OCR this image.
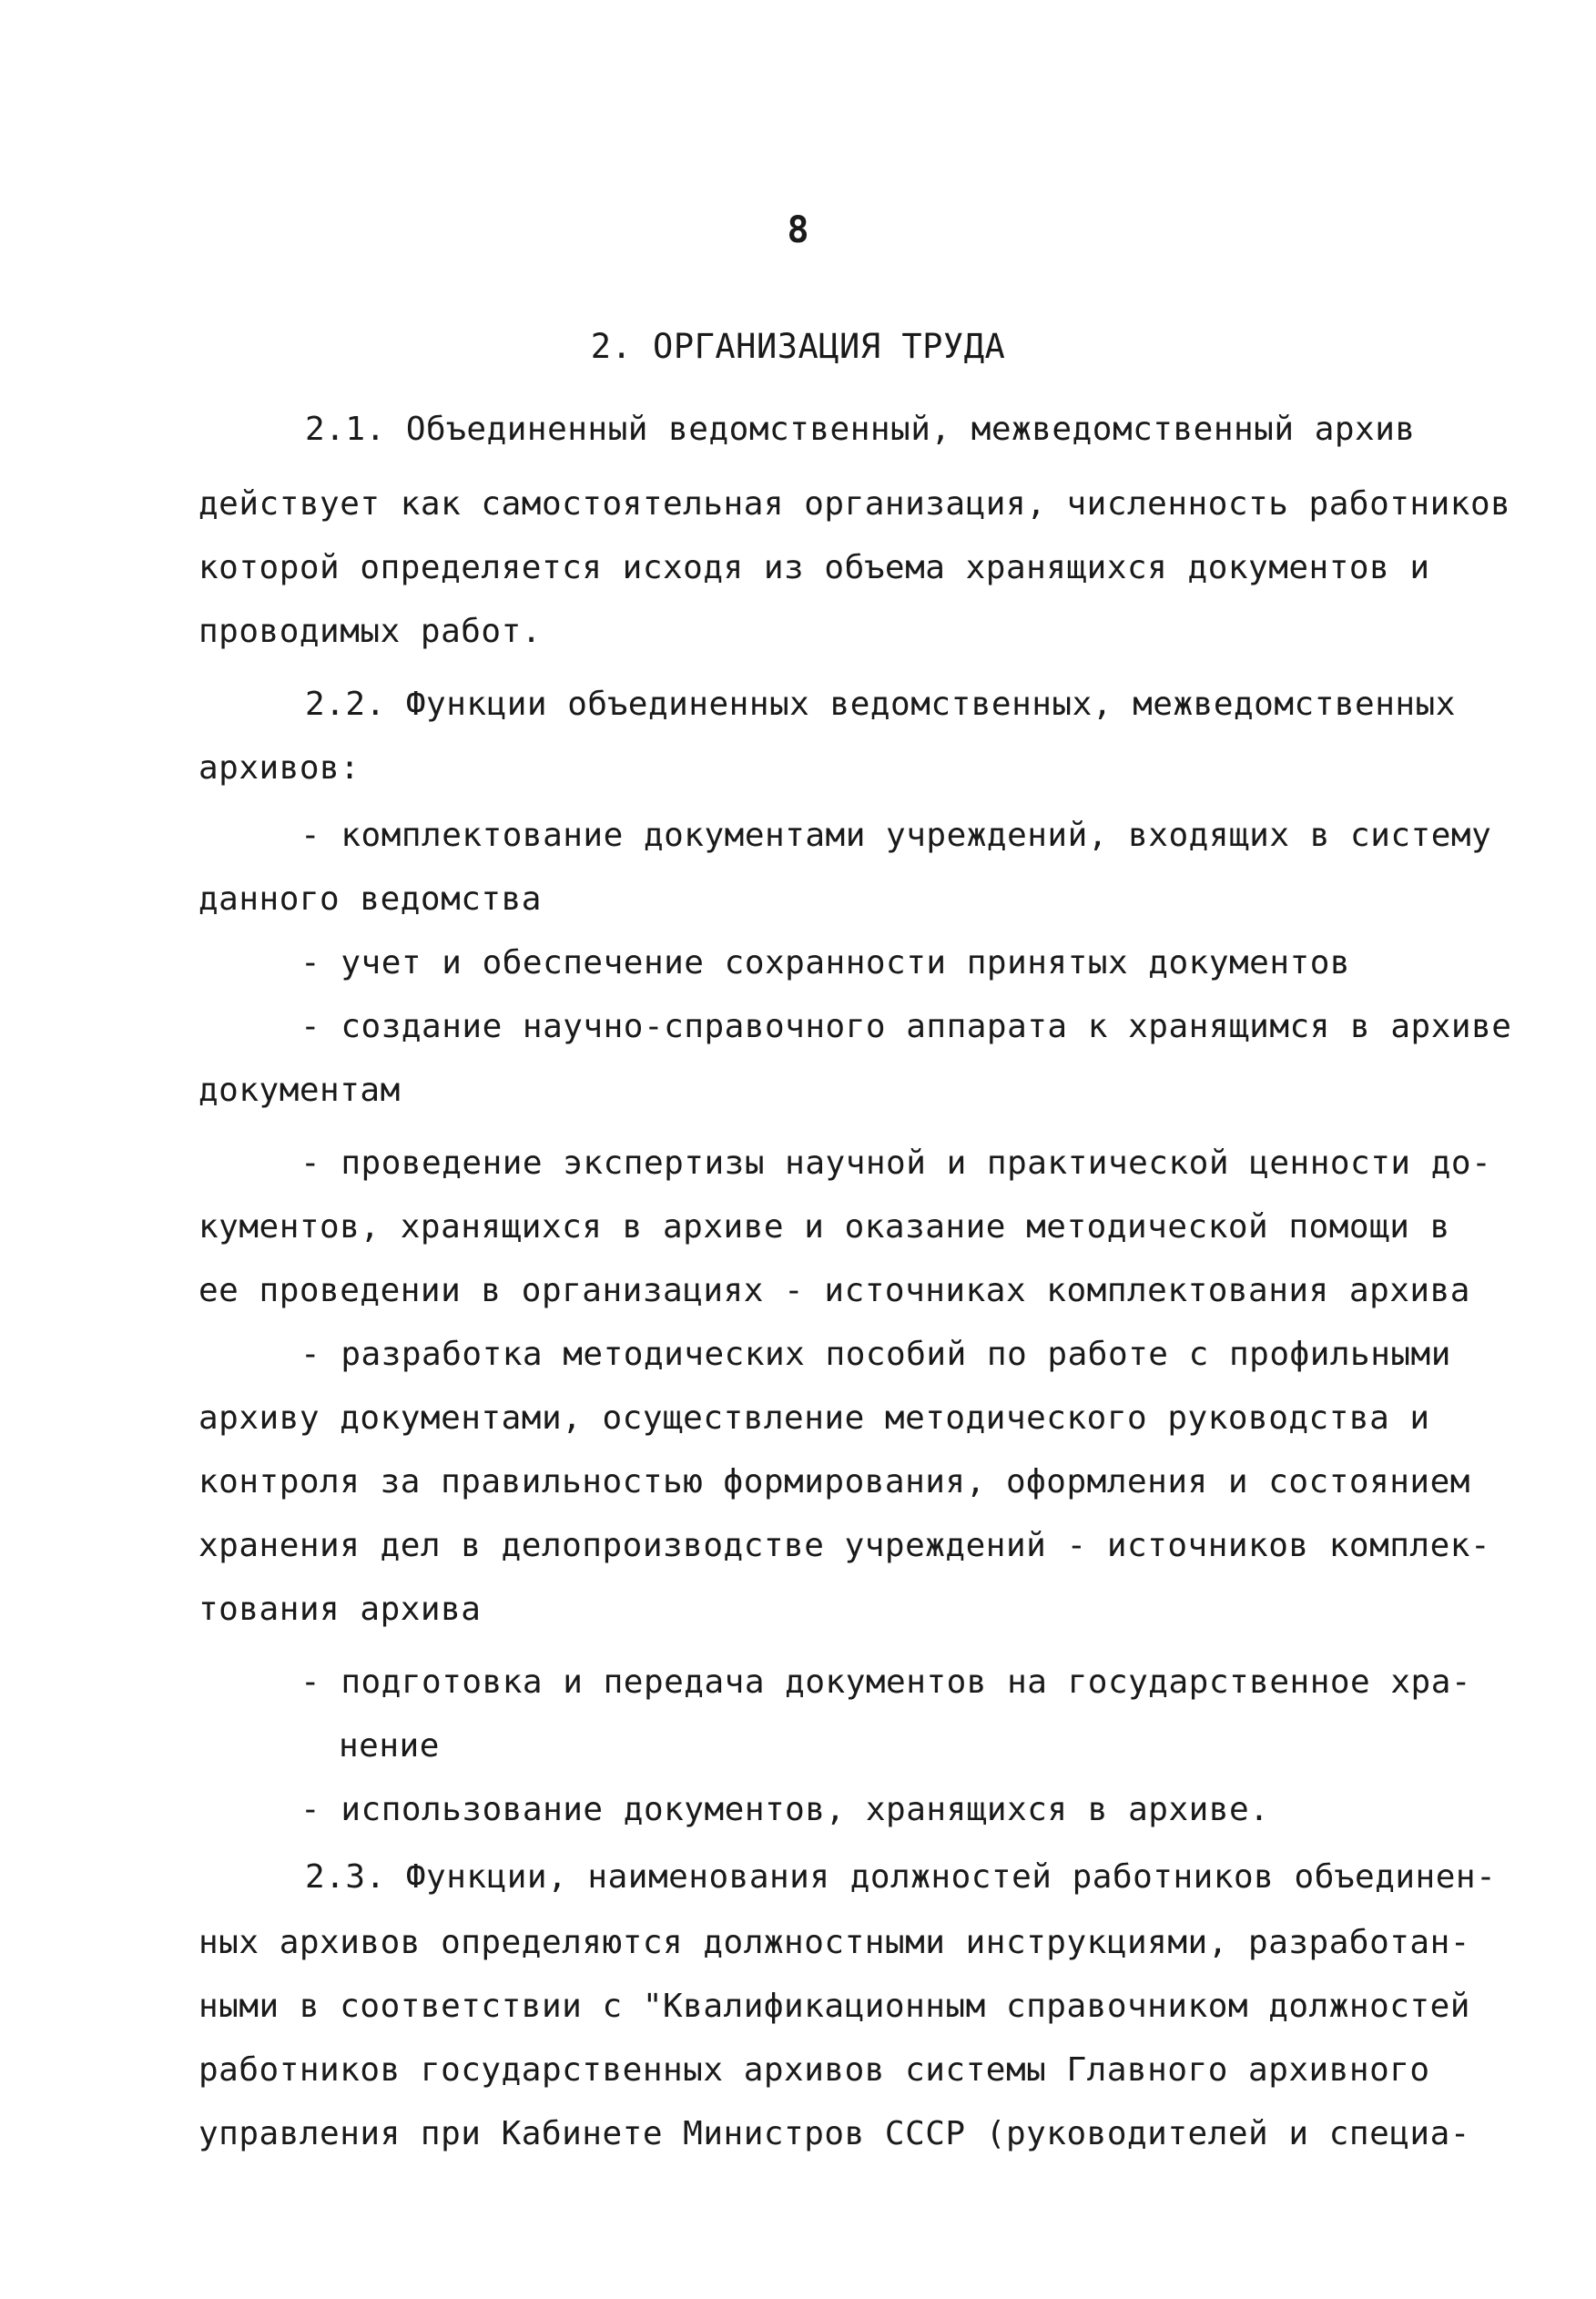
8
2. ОРГАНИЗАЦИЯ ТРУДА
2.1. Объединенный ведомственный, межведомственный архив
действует как самостоятельная организация, численность работников
которой определяется исходя из объема хранящихся документов и
проводимых работ.
2.2. Функции объединенных ведомственных, межведомственных
архивов:
- комплектование документами учреждений, входящих в систему
данного ведомства
- учет и обеспечение сохранности принятых документов
- создание научно-справочного аппарата к хранящимся в архиве
документам
- проведение экспертизы научной и практической ценности до-
кументов, хранящихся в архиве и оказание методической помощи в
ее проведении в организациях - источниках комплектования архива
- разработка методических пособий по работе с профильными
архиву документами, осуществление методического руководства и
контроля за правильностью формирования, оформления и состоянием
хранения дел в делопроизводстве учреждений - источников комплек-
тования архива
- подготовка и передача документов на государственное хра-
нение
- использование документов, хранящихся в архиве.
2.3. Функции, наименования должностей работников объединен-
ных архивов определяются должностными инструкциями, разработан-
ными в соответствии с "Квалификационным справочником должностей
работников государственных архивов системы Главного архивного
управления при Кабинете Министров СССР (руководителей и специа-
